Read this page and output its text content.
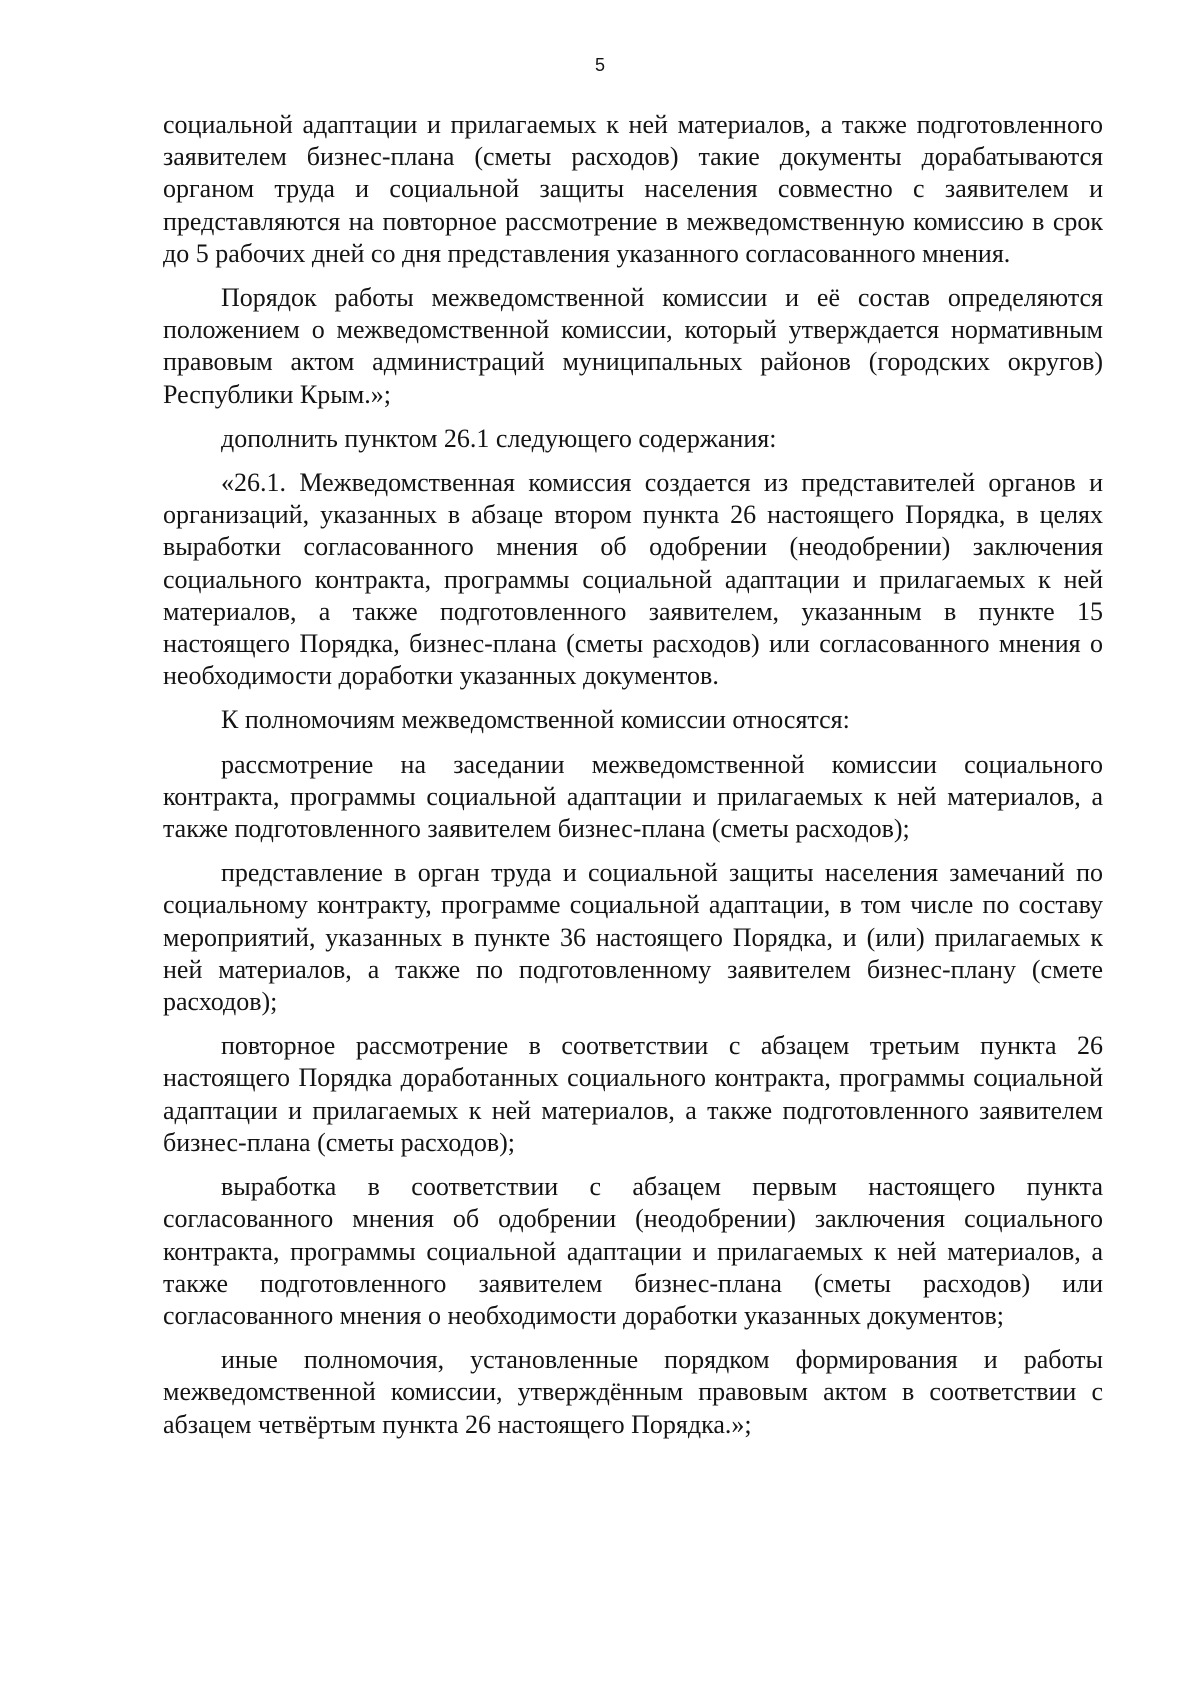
5

социальной адаптации и прилагаемых к ней материалов, а также подготовленного заявителем бизнес-плана (сметы расходов) такие документы дорабатываются органом труда и социальной защиты населения совместно с заявителем и представляются на повторное рассмотрение в межведомственную комиссию в срок до 5 рабочих дней со дня представления указанного согласованного мнения.

Порядок работы межведомственной комиссии и её состав определяются положением о межведомственной комиссии, который утверждается нормативным правовым актом администраций муниципальных районов (городских округов) Республики Крым.»;

дополнить пунктом 26.1 следующего содержания:

«26.1. Межведомственная комиссия создается из представителей органов и организаций, указанных в абзаце втором пункта 26 настоящего Порядка, в целях выработки согласованного мнения об одобрении (неодобрении) заключения социального контракта, программы социальной адаптации и прилагаемых к ней материалов, а также подготовленного заявителем, указанным в пункте 15 настоящего Порядка, бизнес-плана (сметы расходов) или согласованного мнения о необходимости доработки указанных документов.

К полномочиям межведомственной комиссии относятся:

рассмотрение на заседании межведомственной комиссии социального контракта, программы социальной адаптации и прилагаемых к ней материалов, а также подготовленного заявителем бизнес-плана (сметы расходов);

представление в орган труда и социальной защиты населения замечаний по социальному контракту, программе социальной адаптации, в том числе по составу мероприятий, указанных в пункте 36 настоящего Порядка, и (или) прилагаемых к ней материалов, а также по подготовленному заявителем бизнес-плану (смете расходов);

повторное рассмотрение в соответствии с абзацем третьим пункта 26 настоящего Порядка доработанных социального контракта, программы социальной адаптации и прилагаемых к ней материалов, а также подготовленного заявителем бизнес-плана (сметы расходов);

выработка в соответствии с абзацем первым настоящего пункта согласованного мнения об одобрении (неодобрении) заключения социального контракта, программы социальной адаптации и прилагаемых к ней материалов, а также подготовленного заявителем бизнес-плана (сметы расходов) или согласованного мнения о необходимости доработки указанных документов;

иные полномочия, установленные порядком формирования и работы межведомственной комиссии, утверждённым правовым актом в соответствии с абзацем четвёртым пункта 26 настоящего Порядка.»;
